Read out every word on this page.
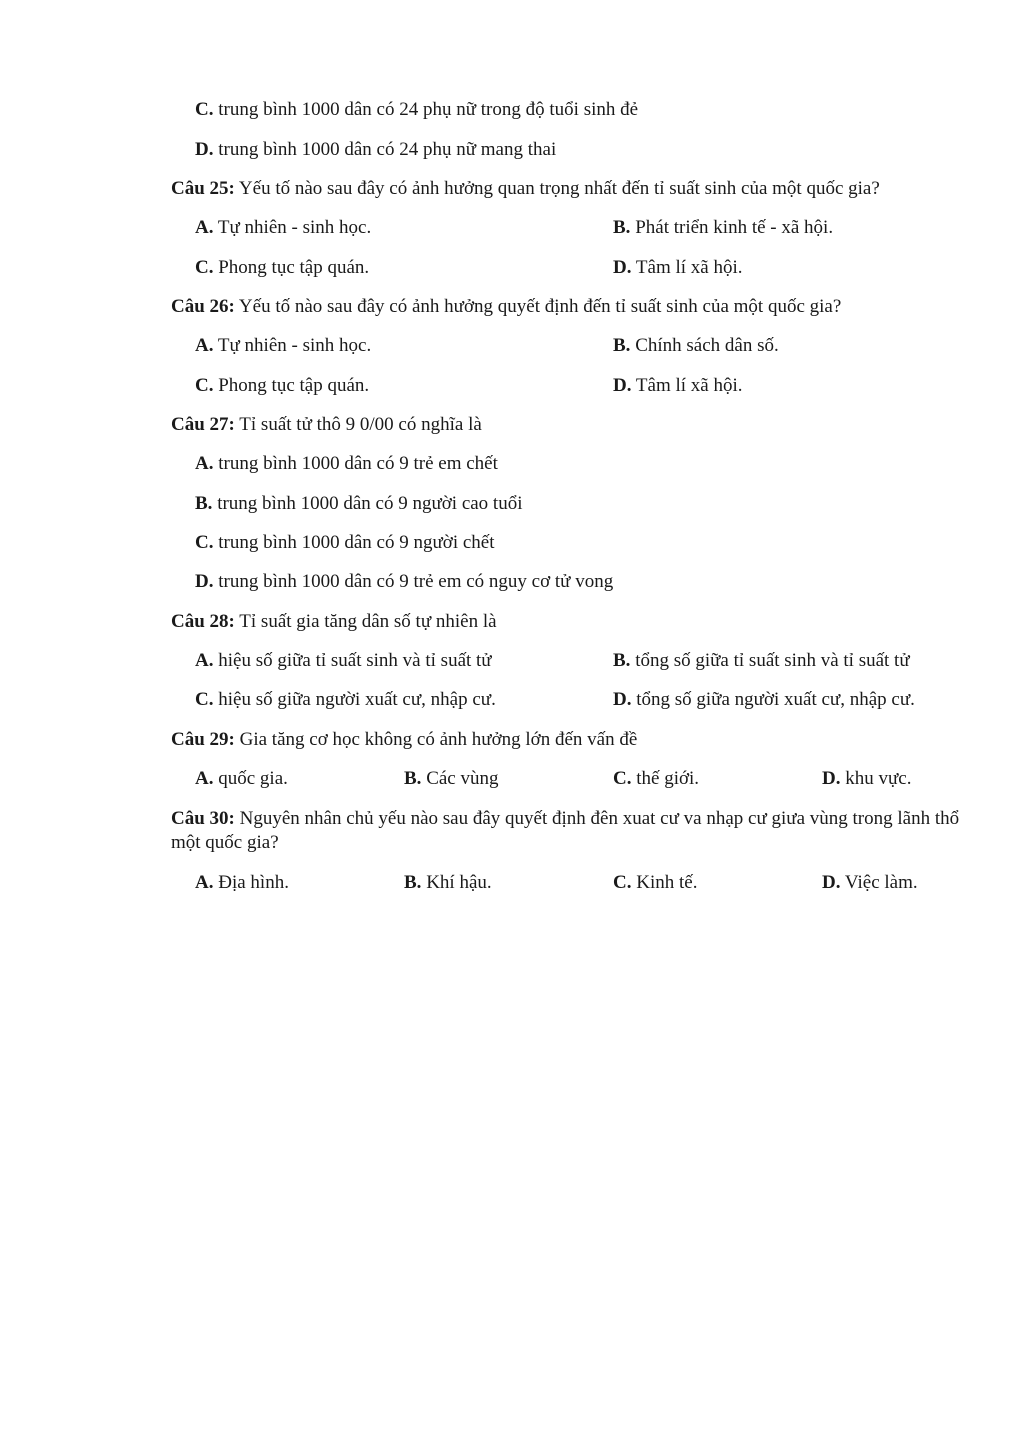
C. trung bình 1000 dân có 24 phụ nữ trong độ tuổi sinh đẻ
D. trung bình 1000 dân có 24 phụ nữ mang thai
Câu 25: Yếu tố nào sau đây có ảnh hưởng quan trọng nhất đến tỉ suất sinh của một quốc gia?
A. Tự nhiên - sinh học.	B. Phát triển kinh tế - xã hội.
C. Phong tục tập quán.	D. Tâm lí xã hội.
Câu 26: Yếu tố nào sau đây có ảnh hưởng quyết định đến tỉ suất sinh của một quốc gia?
A. Tự nhiên - sinh học.	B. Chính sách dân số.
C. Phong tục tập quán.	D. Tâm lí xã hội.
Câu 27: Tỉ suất tử thô 9 0/00 có nghĩa là
A. trung bình 1000 dân có 9 trẻ em chết
B. trung bình 1000 dân có 9 người cao tuổi
C. trung bình 1000 dân có 9 người chết
D. trung bình 1000 dân có 9 trẻ em có nguy cơ tử vong
Câu 28: Tỉ suất gia tăng dân số tự nhiên là
A. hiệu số giữa tỉ suất sinh và tỉ suất tử	B. tổng số giữa tỉ suất sinh và tỉ suất tử
C. hiệu số giữa người xuất cư, nhập cư.	D. tổng số giữa người xuất cư, nhập cư.
Câu 29: Gia tăng cơ học không có ảnh hưởng lớn đến vấn đề
A. quốc gia.	B. Các vùng	C. thế giới.	D. khu vực.
Câu 30: Nguyên nhân chủ yếu nào sau đây quyết định đên xuat cư va nhạp cư giưa vùng trong lãnh thổ một quốc gia?
A. Địa hình.	B. Khí hậu.	C. Kinh tế.	D. Việc làm.
